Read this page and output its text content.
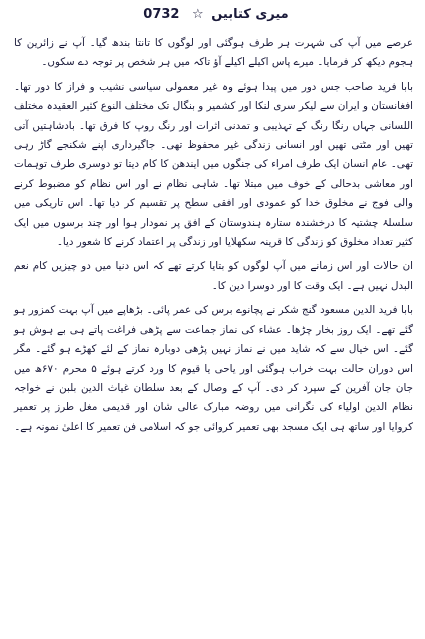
میری کتابیں ☆ 0732

عرصے میں آپ کی شہرت ہر طرف ہوگئی اور لوگوں کا تانتا بندھ گیا۔ آپ نے زائرین کا ہجوم دیکھ کر فرمایا۔ میرے پاس اکیلے اکیلے آؤ تاکہ میں ہر شخص پر توجہ دے سکوں۔

بابا فرید صاحب جس دور میں پیدا ہوئے وہ غیر معمولی سیاسی نشیب و فراز کا دور تھا۔ افغانستان و ایران سے لیکر سری لنکا اور کشمیر و بنگال تک مختلف النوع کثیر العقیدہ مختلف اللسانی جہاں رنگا رنگ کے تہذیبی و تمدنی اثرات اور رنگ روپ کا فرق تھا۔ بادشاہتیں آتی تھیں اور مٹتی تھیں اور انسانی زندگی غیر محفوظ تھی۔ جاگیرداری اپنے شکنجے گاڑ رہی تھی۔ عام انسان ایک طرف امراء کی جنگوں میں ایندھن کا کام دیتا تو دوسری طرف توہمات اور معاشی بدحالی کے خوف میں مبتلا تھا۔ شاہی نظام نے اور اس نظام کو مضبوط کرنے والی فوج نے مخلوق خدا کو عمودی اور افقی سطح پر تقسیم کر دیا تھا۔ اس تاریکی میں سلسلۂ چشتیہ کا درخشندہ ستارہ ہندوستان کے افق پر نمودار ہوا اور چند برسوں میں ایک کثیر تعداد مخلوق کو زندگی کا قرینہ سکھلایا اور زندگی پر اعتماد کرنے کا شعور دیا۔

ان حالات اور اس زمانے میں آپ لوگوں کو بتایا کرتے تھے کہ اس دنیا میں دو چیزیں کام نعم البدل نہیں ہے۔ ایک وقت کا اور دوسرا دین کا۔

بابا فرید الدین مسعود گنج شکر نے پچانوے برس کی عمر پائی۔ بڑھاپے میں آپ بہت کمزور ہو گئے تھے۔ ایک روز بخار چڑھا۔ عشاء کی نماز جماعت سے پڑھی فراغت پاتے ہی بے ہوش ہو گئے۔ اس خیال سے کہ شاید میں نے نماز نہیں پڑھی دوبارہ نماز کے لئے کھڑے ہو گئے۔ مگر اس دوران حالت بہت خراب ہوگئی اور یاحی یا قیوم کا ورد کرتے ہوئے ۵ محرم ۶۷۰ھ میں جان جان آفرین کے سپرد کر دی۔ آپ کے وصال کے بعد سلطان غیاث الدین بلبن نے خواجہ نظام الدین اولیاء کی نگرانی میں روضہ مبارک عالی شان اور قدیمی مغل طرز پر تعمیر کروایا اور ساتھ ہی ایک مسجد بھی تعمیر کروائی جو کہ اسلامی فن تعمیر کا اعلیٰ نمونہ ہے۔
